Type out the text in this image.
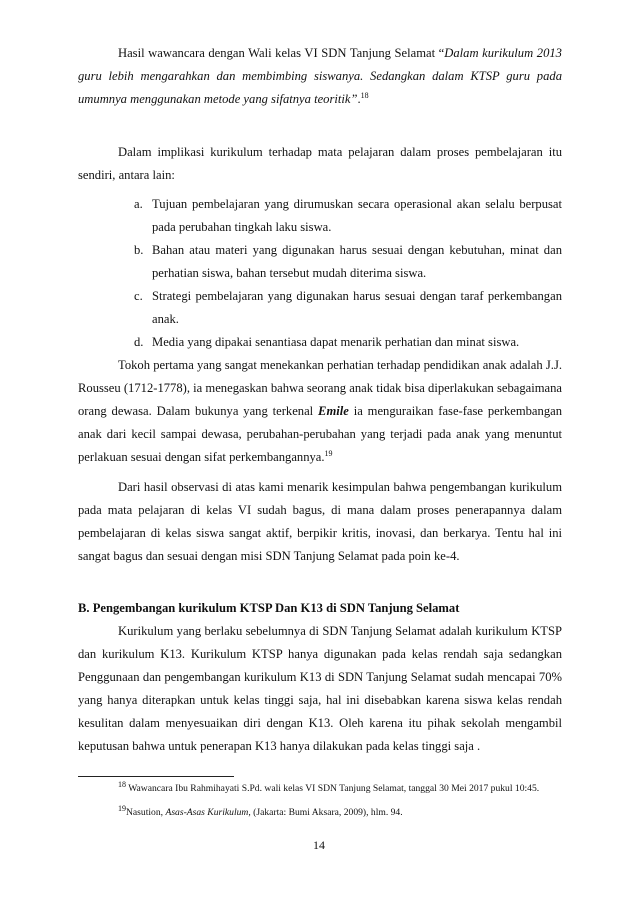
Hasil wawancara dengan Wali kelas VI SDN Tanjung Selamat “Dalam kurikulum 2013 guru lebih mengarahkan dan membimbing siswanya. Sedangkan dalam KTSP guru pada umumnya menggunakan metode yang sifatnya teoritik”.$^{18}$

Dalam implikasi kurikulum terhadap mata pelajaran dalam proses pembelajaran itu sendiri, antara lain:

a. Tujuan pembelajaran yang dirumuskan secara operasional akan selalu berpusat pada perubahan tingkah laku siswa.
b. Bahan atau materi yang digunakan harus sesuai dengan kebutuhan, minat dan perhatian siswa, bahan tersebut mudah diterima siswa.
c. Strategi pembelajaran yang digunakan harus sesuai dengan taraf perkembangan anak.
d. Media yang dipakai senantiasa dapat menarik perhatian dan minat siswa.

Tokoh pertama yang sangat menekankan perhatian terhadap pendidikan anak adalah J.J. Rousseu (1712-1778), ia menegaskan bahwa seorang anak tidak bisa diperlakukan sebagaimana orang dewasa. Dalam bukunya yang terkenal Emile ia menguraikan fase-fase perkembangan anak dari kecil sampai dewasa, perubahan-perubahan yang terjadi pada anak yang menuntut perlakuan sesuai dengan sifat perkembangannya.$^{19}$

Dari hasil observasi di atas kami menarik kesimpulan bahwa pengembangan kurikulum pada mata pelajaran di kelas VI sudah bagus, di mana dalam proses penerapannya dalam pembelajaran di kelas siswa sangat aktif, berpikir kritis, inovasi, dan berkarya. Tentu hal ini sangat bagus dan sesuai dengan misi SDN Tanjung Selamat pada poin ke-4.

B. Pengembangan kurikulum KTSP Dan K13 di SDN Tanjung Selamat

Kurikulum yang berlaku sebelumnya di SDN Tanjung Selamat adalah kurikulum KTSP dan kurikulum K13. Kurikulum KTSP hanya digunakan pada kelas rendah saja sedangkan Penggunaan dan pengembangan kurikulum K13 di SDN Tanjung Selamat sudah mencapai 70% yang hanya diterapkan untuk kelas tinggi saja, hal ini disebabkan karena siswa kelas rendah kesulitan dalam menyesuaikan diri dengan K13. Oleh karena itu pihak sekolah mengambil keputusan bahwa untuk penerapan K13 hanya dilakukan pada kelas tinggi saja .

$^{18}$ Wawancara Ibu Rahmihayati S.Pd. wali kelas VI SDN Tanjung Selamat, tanggal 30 Mei 2017 pukul 10:45.

$^{19}$Nasution, Asas-Asas Kurikulum, (Jakarta: Bumi Aksara, 2009), hlm. 94.

14
